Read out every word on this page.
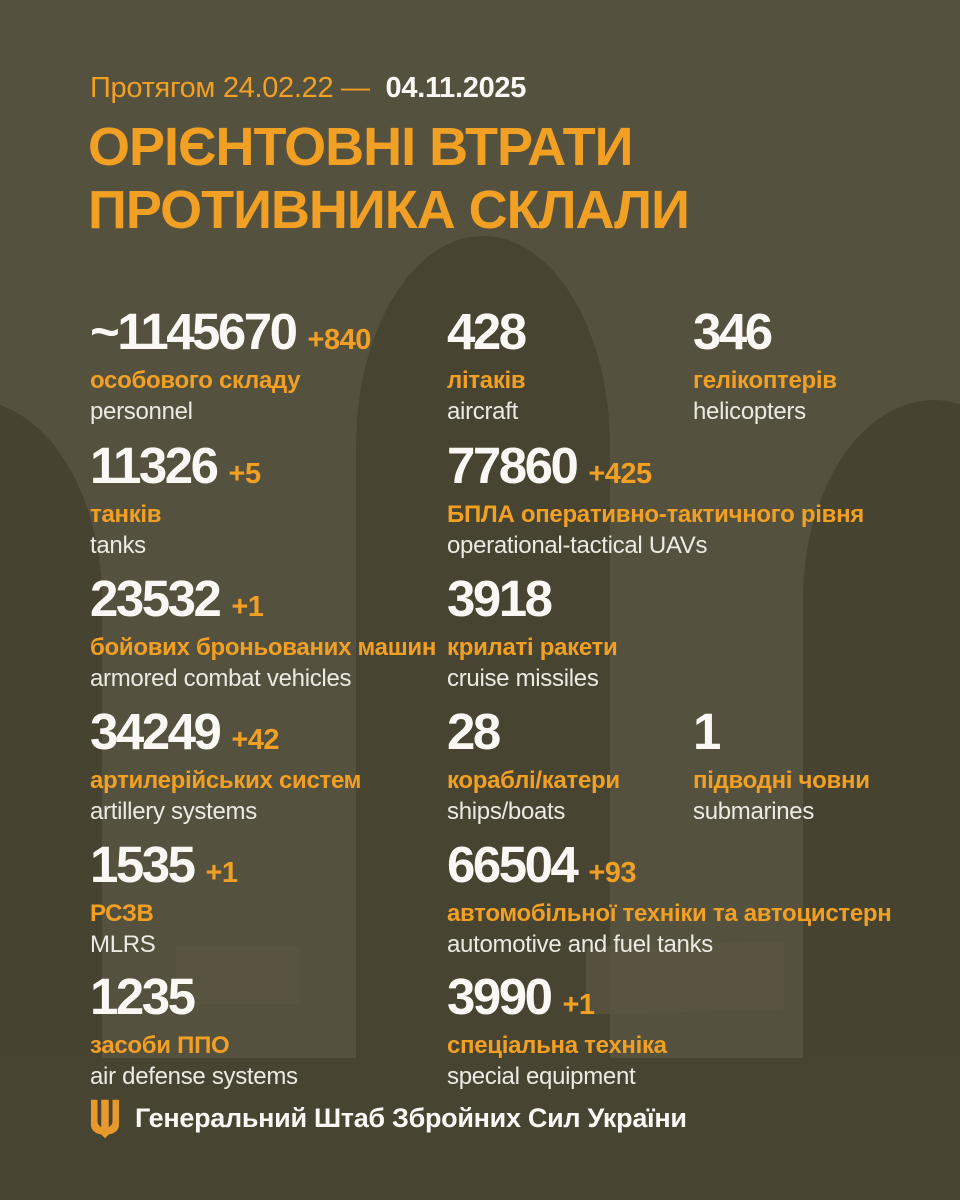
Протягом 24.02.22 — 04.11.2025
ОРІЄНТОВНІ ВТРАТИ
ПРОТИВНИКА СКЛАЛИ
~1145670 +840
особового складу
personnel
428
літаків
aircraft
346
гелікоптерів
helicopters
11326 +5
танків
tanks
77860 +425
БПЛА оперативно-тактичного рівня
operational-tactical UAVs
23532 +1
бойових броньованих машин
armored combat vehicles
3918
крилаті ракети
cruise missiles
34249 +42
артилерійських систем
artillery systems
28
кораблі/катери
ships/boats
1
підводні човни
submarines
1535 +1
РСЗВ
MLRS
66504 +93
автомобільної техніки та автоцистерн
automotive and fuel tanks
1235
засоби ППО
air defense systems
3990 +1
спеціальна техніка
special equipment
Генеральний Штаб Збройних Сил України
